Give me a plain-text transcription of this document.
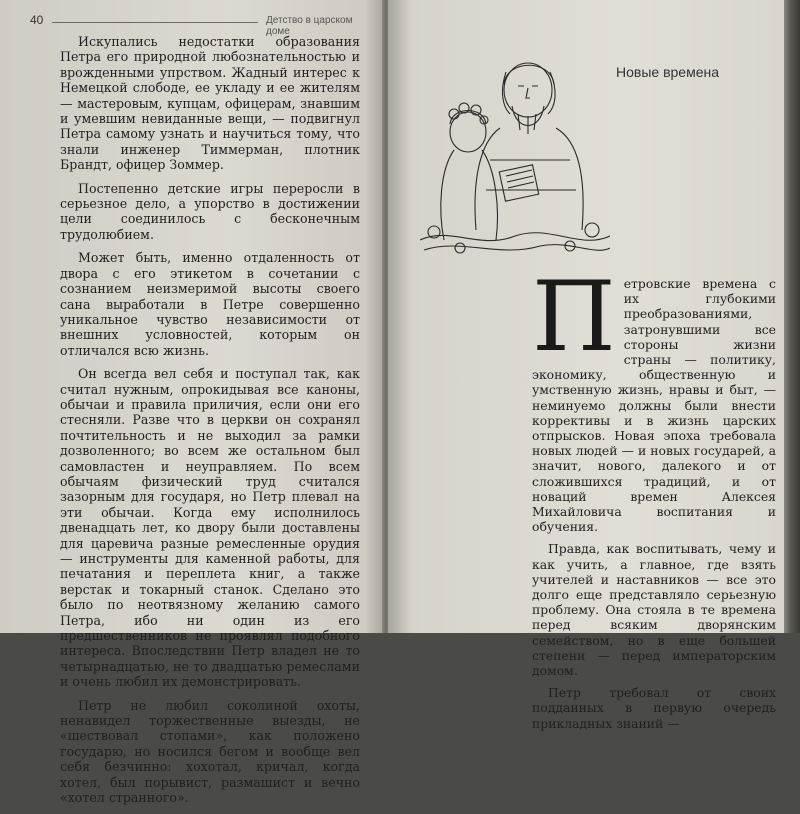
40	Детство в царском доме

Искупались недостатки образования Петра его природной любознательностью и врожденными упрством. Жадный интерес к Немецкой слободе, ее укладу и ее жителям — мастеровым, купцам, офицерам, знавшим и умевшим невиданные вещи, — подвигнул Петра самому узнать и научиться тому, что знали инженер Тиммерман, плотник Брандт, офицер Зоммер.

Постепенно детские игры переросли в серьезное дело, а упорство в достижении цели соединилось с бесконечным трудолюбием.

Может быть, именно отдаленность от двора с его этикетом в сочетании с сознанием неизмеримой высоты своего сана выработали в Петре совершенно уникальное чувство независимости от внешних условностей, которым он отличался всю жизнь.

Он всегда вел себя и поступал так, как считал нужным, опрокидывая все каноны, обычаи и правила приличия, если они его стесняли. Разве что в церкви он сохранял почтительность и не выходил за рамки дозволенного; во всем же остальном был самовластен и неуправляем. По всем обычаям физический труд считался зазорным для государя, но Петр плевал на эти обычаи. Когда ему исполнилось двенадцать лет, ко двору были доставлены для царевича разные ремесленные орудия — инструменты для каменной работы, для печатания и переплета книг, а также верстак и токарный станок. Сделано это было по неотвязному желанию самого Петра, ибо ни один из его предшественников не проявлял подобного интереса. Впоследствии Петр владел не то четырнадцатью, не то двадцатью ремеслами и очень любил их демонстрировать.

Петр не любил соколиной охоты, ненавидел торжественные выезды, не «шествовал стопами», как положено государю, но носился бегом и вообще вел себя безчинно: хохотал, кричал, когда хотел, был порывист, размашист и вечно «хотел странного».

Новые времена

Петровские времена с их глубокими преобразованиями, затронувшими все стороны жизни страны — политику, экономику, общественную и умственную жизнь, нравы и быт, — неминуемо должны были внести коррективы и в жизнь царских отпрысков. Новая эпоха требовала новых людей — и новых государей, а значит, нового, далекого и от сложившихся традиций, и от новаций времен Алексея Михайловича воспитания и обучения.

Правда, как воспитывать, чему и как учить, а главное, где взять учителей и наставников — все это долго еще представляло серьезную проблему. Она стояла в те времена перед всяким дворянским семейством, но в еще большей степени — перед императорским домом.

Петр требовал от своих подданных в первую очередь прикладных знаний —
